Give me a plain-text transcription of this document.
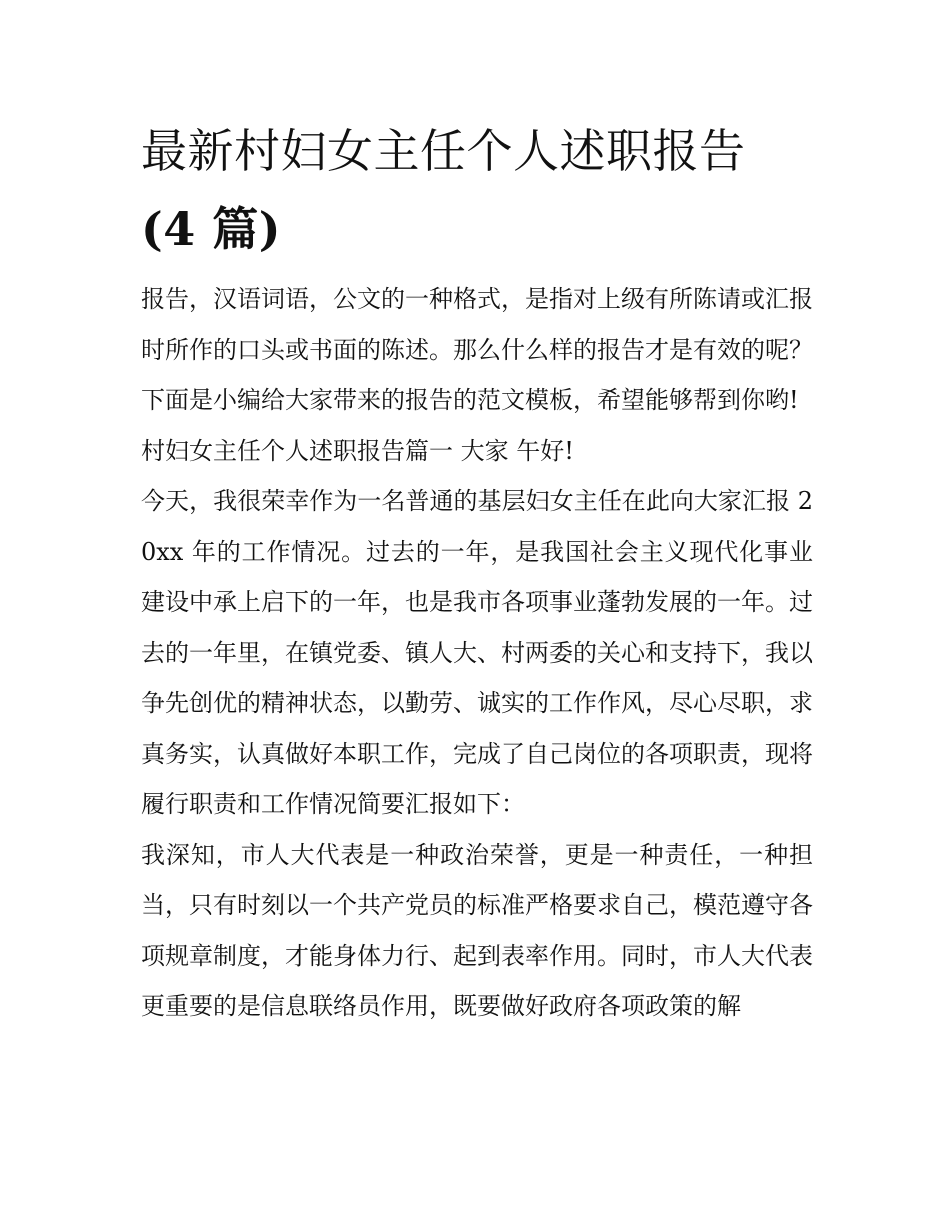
最新村妇女主任个人述职报告
(4 篇)

报告，汉语词语，公文的一种格式，是指对上级有所陈请或汇报时所作的口头或书面的陈述。那么什么样的报告才是有效的呢？下面是小编给大家带来的报告的范文模板，希望能够帮到你哟!

村妇女主任个人述职报告篇一 大家 午好!

今天，我很荣幸作为一名普通的基层妇女主任在此向大家汇报 20xx 年的工作情况。过去的一年，是我国社会主义现代化事业建设中承上启下的一年，也是我市各项事业蓬勃发展的一年。过去的一年里，在镇党委、镇人大、村两委的关心和支持下，我以争先创优的精神状态，以勤劳、诚实的工作作风，尽心尽职，求真务实，认真做好本职工作，完成了自己岗位的各项职责，现将履行职责和工作情况简要汇报如下：

我深知，市人大代表是一种政治荣誉，更是一种责任，一种担当，只有时刻以一个共产党员的标准严格要求自己，模范遵守各项规章制度，才能身体力行、起到表率作用。同时，市人大代表更重要的是信息联络员作用，既要做好政府各项政策的解
